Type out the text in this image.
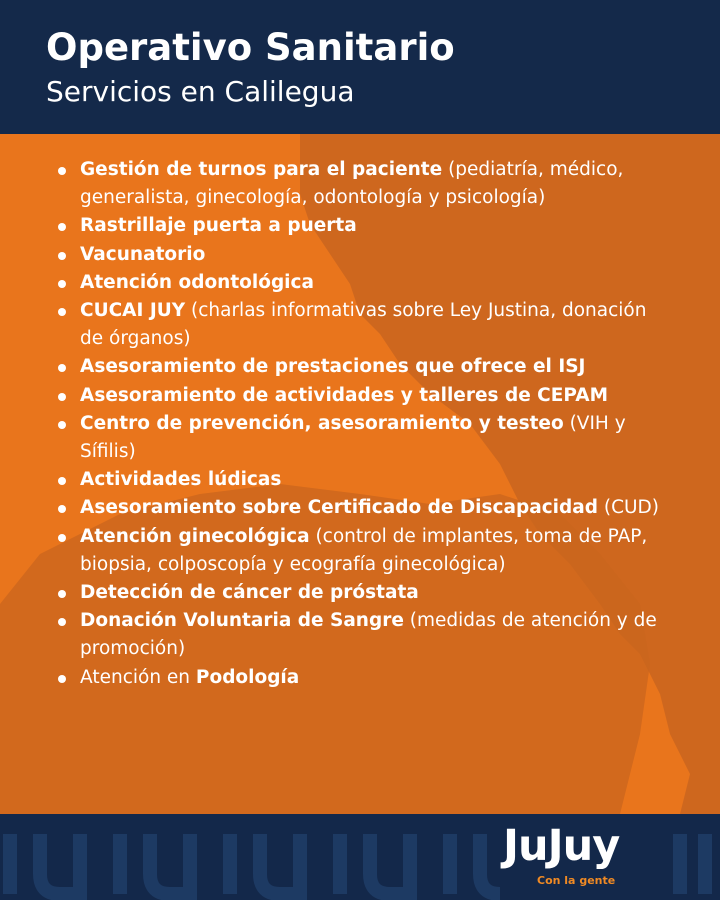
Operativo Sanitario
Servicios en Calilegua
Gestión de turnos para el paciente (pediatría, médico, generalista, ginecología, odontología y psicología)
Rastrillaje puerta a puerta
Vacunatorio
Atención odontológica
CUCAI JUY (charlas informativas sobre Ley Justina, donación de órganos)
Asesoramiento de prestaciones que ofrece el ISJ
Asesoramiento de actividades y talleres de CEPAM
Centro de prevención, asesoramiento y testeo (VIH y Sífilis)
Actividades lúdicas
Asesoramiento sobre Certificado de Discapacidad (CUD)
Atención ginecológica (control de implantes, toma de PAP, biopsia, colposcopía y ecografía ginecológica)
Detección de cáncer de próstata
Donación Voluntaria de Sangre (medidas de atención y de promoción)
Atención en Podología
JuJuy
Con la gente
